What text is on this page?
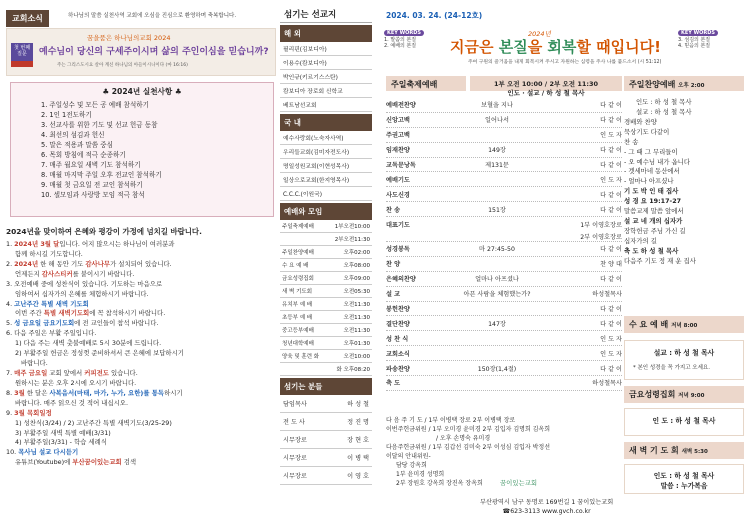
교회소식	하나님의 말씀 실천사역 교회에 오심을 진심으로 환영하며 축복합니다.
첫 번째 질문
꿈을품은 하나님의교회 2024
예수님이 당신의 구세주이시며 삶의 주인이심을 믿습니까?
주는 그리스도시요 살아 계신 하나님의 아들이시니이다 (마 16:16)
♣ 2024년 실천사항 ♣
1. 주일성수 및 모든 공 예배 참석하기
2. 1인 1전도하기
3. 선교사를 위한 기도 및 선교 헌금 동참
4. 최선의 섬김과 헌신
5. 말은 적용과 말씀 중심
6. 목회 방침에 적극 순종하기
7. 매주 월요일 새벽 기도 참석하기
8. 매월 마지막 주일 오후 전교인 참석하기
9. 매월 첫 금요일 전 교인 참석하기
10. 셀모임과 사랑방 모임 적극 참석
2024년을 맞이하여 은혜와 평강이 가정에 넘치길 바랍니다.

1. 2024년 3월 달입니다. 어지 많으시는 하나님이 여러분과

함께 하시길 기도합니다.

2. 2024년 한 해 동안 기도 감사나무가 설치되어 있습니다.

언제든지 감사스티커를 붙이시기 바랍니다.

3. 오전예배 중에 성찬식이 있습니다. 기도하는 마음으로

임하여서 십자가의 은혜를 체험하시기 바랍니다.

4. 고난주간 특별 새벽 기도회

이번 주간 특별 새벽기도회에 꼭 참석하시기 바랍니다.

5. 성 금요일 금요기도회에 전 교인들이 참석 바랍니다.

6. 다음 주일은 부활 주일입니다.

1) 다음 주는 새벽 춧불예배로 5시 30분에 드립니다.

2) 부활주일 헌금은 정성껏 준비하셔서 큰 은혜에 보답하시기

바랍니다.

7. 매주 금요일 교회 앞에서 커피전도 있습니다.

원하시는 분은 오후 2시에 오시기 바랍니다.

8. 3월 한 달은 사복음서(마태, 마가, 누가, 요한)를 통독하시기

바랍니다. 매주 읽으신 것 적어 내십시오.

9. 3월 목회일정

1) 성찬식(3/24) / 2) 고난주간 특별 새벽기도(3/25-29)

3) 부활주일 새벽 특별 예배(3/31)

4) 부활주일(3/31) - 학습 세례식

10. 목사님 설교 다시듣기

유튜브(Youtube)에 부산꿈이있는교회 검색

섬기는 선교지
해 외
필리핀(김보디아)
이용수(캄보디아)
박인규(키르기스스탄)
캄보디아 장로회 신학교
베트남선교회
국 내
예수사랑회(노숙자사역)
우리들교회(김미자전도사)
명일성원교회(이현성목사)
일상으로교회(한지영목사)
C.C.C.(이원국)
예배와 모임
주일축제예배	1부오전10:00
2부오전11:30
주일찬양예배	오후02:00
수 요 예 배	오후08:00
금요성령집회	오후09:00
새 벽 기도회	오전05:30
유치부 예 배	오전11:30
초등부 예 배	오전11:30
중고등부예배	오전11:30
청년대학예배	오후01:30
양육 및 훈련 화	오전10:00
화 오후08:20
섬기는 분들
담임목사	하 성 철
전 도 사	정 진 명
시무장로	장 현 호
시무장로	이 병 택
시무장로	이 영 호
2024. 03. 24. (24-12호)
KEY WORDS
1. 말씀의 본질
2. 예배의 본질
KEY WORDS
3. 섬김의 본질
4. 믿음의 본질
2024년
지금은 본질을 회복할 때입니다!
주여 구원의 즐거움을 내게 회복시켜 주시고 자원하는 심령을 주사 나를 붙드소서 (시 51:12)
주일축제예배	1부 오전 10:00 / 2부 오전 11:30
인도 · 설교 / 하 성 철 목사
예배전찬양	보혈을 지나	다 같 이
신앙고백	일어나서	다 같 이
주권고백	인 도 자
임재찬양	149장	다 같 이
교독문낭독	제131문	다 같 이
예배기도	인 도 자
사도신경	다 같 이
찬 송	151장	다 같 이
대표기도	1부 이영호장로
2부 이영호장로
성경봉독	마 27:45-50	다 같 이
찬 양	찬 양 대
은혜의찬양	얼마나 아프셨나	다 같 이
설 교	아픈 사람을 체험했는가?	하성철목사
봉헌찬양	다 같 이
결단찬양	147장	다 같 이
성 찬 식	인 도 자
교회소식	인 도 자
파송찬양	150장(1,4절)	다 같 이
축 도	하성철목사
다 음 주 기 도 / 1부 이병택 장로 2부 이병택 장로
이번주헌금위원 / 1부 오미경 윤미경 2부 김입자 김명희 김옥희
/ 오후 손명숙 유미경
다음주헌금위원 / 1부 김갑선 김미숙 2부 이성심 김입자 박정선
이달의 안내위원-
담당 강옥희
1부 윤미경 성명희
2부 장원호 강옥희 장진옥 장옥희	꿈이있는교회
부산광역시 남구 동명로 169번길 1 꿈이있는교회
☎623-3113 www.gvch.co.kr
주일찬양예배 오후 2:00
인도 : 하 성 철 목사
설교 : 하 성 철 목사
경배와 찬양
묵상기도 다같이
찬 송
- 그 때 그 무리들이
- 오 예수님 내가 옵니다
- 겟세마네 동산에서
- 얼마나 아프셨나
기 도 박 인 태 집사
성 경 요 19:17-27
말씀교제 말씀 앞에서
설 교 네 개의 십자가
장학헌금 주님 가신 길
십자가의 길
축 도 하 성 철 목사
다음주 기도 정 재 운 집사
수 요 예 배 저녁 8:00
설교 : 하 성 철 목사
* 본인 성경을 꼭 가지고 오세요.
금요성령집회 저녁 9:00
인 도 : 하 성 철 목사
새 벽 기 도 회 새벽 5:30
인도 : 하 성 철 목사
말씀 : 누가복음
